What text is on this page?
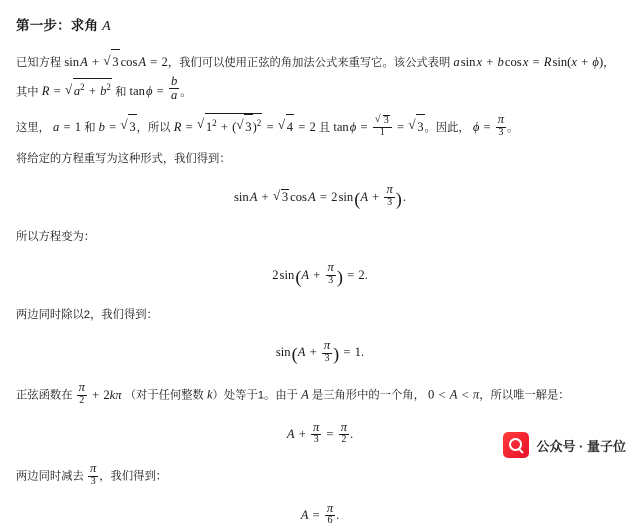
第一步：求角 A

已知方程 sin A + √ 3 cos A = 2，我们可以使用正弦的角加法公式来重写它。该公式表明 a sin x + b cos x = R sin(x + ϕ)，其中 R = √ $a^2 + b^2$ 和 tan $\phi = \frac{b}{a}$ 。

这里， a = 1 和 b = √ 3，所以 R = √ $1^2$ + ( √ 3)$^2$ = √ 4 = 2 且 tan ϕ = √ $\frac{3}{1}$ = √ 3。因此， $\phi = \frac{\pi}{3}$ 。

将给定的方程重写为这种形式，我们得到：

sin A + √ 3 cos A = 2 sin ($A + \frac{\pi}{3}$ ) .

所以方程变为：

2 sin ($A + \frac{\pi}{3}$ ) = 2.

两边同时除以2，我们得到：

sin ($A + \frac{\pi}{3}$ ) = 1.

正弦函数在 $\frac{\pi}{2} + 2k\pi$ （对于任何整数 k）处等于1。由于 A 是三角形中的一个角， 0 < A < π，所以唯一解是：

$A + \frac{\pi}{3} = \frac{\pi}{2}$ .

两边同时减去 $\frac{\pi}{3}$ ，我们得到：

$A = \frac{\pi}{6}$ .
公众号 · 量子位
